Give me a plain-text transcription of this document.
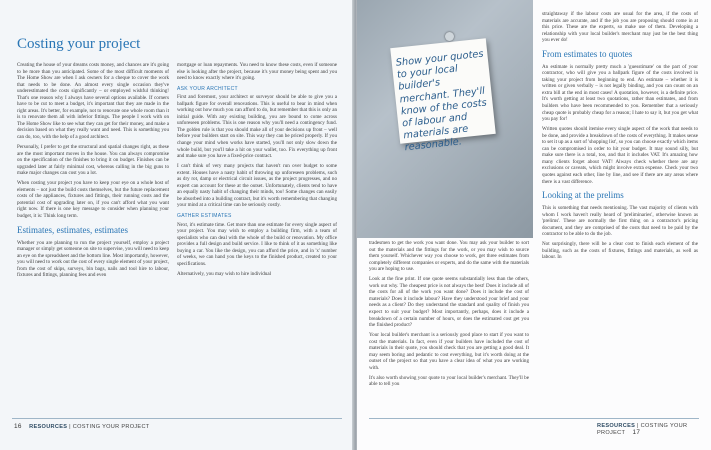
Costing your project

Creating the house of your dreams costs money, and chances are it's going to be more than you anticipated. Some of the most difficult moments of The Home Show are when I ask owners for a cheque to cover the work that needs to be done. An almost every single occasion they've underestimated the costs significantly – or employed wishful thinking! That's one reason why I always have several options available. If corners have to be cut to meet a budget, it's important that they are made in the right areas. It's better, for example, not to renovate one whole room than it is to renovate them all with inferior fittings. The people I work with on The Home Show like to see what they can get for their money, and make a decision based on what they really want and need. This is something you can do, too, with the help of a good architect.

Personally, I prefer to get the structural and spatial changes right, as these are the most important moves in the house. You can always compromise on the specification of the finishes to bring it on budget. Finishes can be upgraded later at fairly minimal cost, whereas calling in the big guns to make major changes can cost you a lot.

When costing your project you have to keep your eye on a whole host of elements – not just the build costs themselves, but the future replacement costs of the appliances, fixtures and fittings, their running costs and the potential cost of upgrading later on, if you can't afford what you want right now. If there is one key message to consider when planning your budget, it is: Think long term.

Estimates, estimates, estimates

Whether you are planning to run the project yourself, employ a project manager or simply get someone on site to supervise, you will need to keep an eye on the spreadsheet and the bottom line. Most importantly, however, you will need to work out the cost of every single element of your project, from the cost of skips, surveys, bin bags, nails and tool hire to labour, fixtures and fittings, planning fees and even

mortgage or loan repayments. You need to know these costs, even if someone else is looking after the project, because it's your money being spent and you need to know exactly where it's going.

ASK YOUR ARCHITECT

First and foremost, your architect or surveyor should be able to give you a ballpark figure for overall renovations. This is useful to bear in mind when working out how much you can afford to do, but remember that this is only an initial guide. With any existing building, you are bound to come across unforeseen problems. This is one reason why you'll need a contingency fund. The golden rule is that you should make all of your decisions up front – well before your builders start on site. This way they can be priced properly. If you change your mind when works have started, you'll not only slow down the whole build, but you'll take a hit on your wallet, too. Fix everything up front and make sure you have a fixed-price contract.

I can't think of very many projects that haven't run over budget to some extent. Houses have a nasty habit of throwing up unforeseen problems, such as dry rot, damp or electrical circuit issues, as the project progresses, and no expert can account for these at the outset. Unfortunately, clients tend to have an equally nasty habit of changing their minds, too! Some changes can easily be absorbed into a building contract, but it's worth remembering that changing your mind at a critical time can be seriously costly.

GATHER ESTIMATES

Next, it's estimate time. Get more than one estimate for every single aspect of your project. You may wish to employ a building firm, with a team of specialists who can deal with the whole of the build or renovation. My office provides a full design and build service. I like to think of it as something like buying a car. You like the design, you can afford the price, and in 'x' number of weeks, we can hand you the keys to the finished product, created to your specifications.

Alternatively, you may wish to hire individual

16 RESOURCES | COSTING YOUR PROJECT
Show your quotes to your local builder's merchant. They'll know of the costs of labour and materials are reasonable.

tradesmen to get the work you want done. You may ask your builder to sort out the materials and the fittings for the work, or you may wish to source them yourself. Whichever way you choose to work, get three estimates from completely different companies or experts, and do the same with the materials you are hoping to use.

Look at the fine print. If one quote seems substantially less than the others, work out why. The cheapest price is not always the best! Does it include all of the costs for all of the work you want done? Does it include the cost of materials? Does it include labour? Have they understood your brief and your needs as a client? Do they understand the standard and quality of finish you expect to suit your budget? Most importantly, perhaps, does it include a breakdown of a certain number of hours, or does the estimated cost get you the finished product?

Your local builder's merchant is a seriously good place to start if you want to cost the materials. In fact, even if your builders have included the cost of materials in their quote, you should check that you are getting a good deal. It may seem boring and pedantic to cost everything, but it's worth doing at the outset of the project so that you have a clear idea of what you are working with.

It's also worth showing your quote to your local builder's merchant. They'll be able to tell you

straightaway if the labour costs are usual for the area, if the costs of materials are accurate, and if the job you are proposing should come in at this price. These are the experts, so make use of them. Developing a relationship with your local builder's merchant may just be the best thing you ever do!

From estimates to quotes

An estimate is normally pretty much a 'guesstimate' on the part of your contractor, who will give you a ballpark figure of the costs involved in taking your project from beginning to end. An estimate – whether it is written or given verbally – is not legally binding, and you can count on an extra bill at the end in most cases! A quotation, however, is a definite price. It's worth getting at least two quotations, rather than estimates, and from builders who have been recommended to you. Remember that a seriously cheap quote is probably cheap for a reason; I hate to say it, but you get what you pay for!

Written quotes should itemise every single aspect of the work that needs to be done, and provide a breakdown of the costs of everything. It makes sense to set it up as a sort of 'shopping list', so you can choose exactly which items can be compromised in order to hit your budget. It may sound silly, but make sure there is a total, too, and that it includes VAT. It's amazing how many clients forget about VAT! Always check whether there are any exclusions or caveats, which might involve extra expense. Check your two quotes against each other, line by line, and see if there are any areas where there is a vast difference.

Looking at the prelims

This is something that needs mentioning. The vast majority of clients with whom I work haven't really heard of 'preliminaries', otherwise known as 'prelims'. These are normally the first thing on a contractor's pricing document, and they are comprised of the costs that need to be paid by the contractor to be able to do the job.

Not surprisingly, there will be a clear cost to finish each element of the building, such as the costs of fixtures, fittings and materials, as well as labour. In

RESOURCES | COSTING YOUR PROJECT 17
